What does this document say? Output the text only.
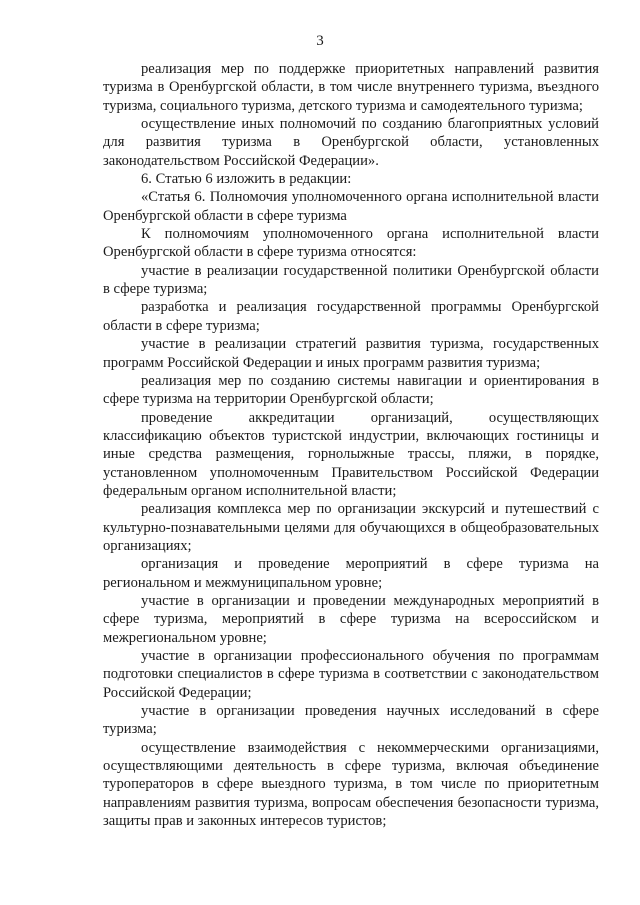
3

реализация мер по поддержке приоритетных направлений развития туризма в Оренбургской области, в том числе внутреннего туризма, въездного туризма, социального туризма, детского туризма и самодеятельного туризма;

осуществление иных полномочий по созданию благоприятных условий для развития туризма в Оренбургской области, установленных законодательством Российской Федерации».

6. Статью 6 изложить в редакции:

«Статья 6. Полномочия уполномоченного органа исполнительной власти Оренбургской области в сфере туризма

К полномочиям уполномоченного органа исполнительной власти Оренбургской области в сфере туризма относятся:

участие в реализации государственной политики Оренбургской области в сфере туризма;

разработка и реализация государственной программы Оренбургской области в сфере туризма;

участие в реализации стратегий развития туризма, государственных программ Российской Федерации и иных программ развития туризма;

реализация мер по созданию системы навигации и ориентирования в сфере туризма на территории Оренбургской области;

проведение аккредитации организаций, осуществляющих классификацию объектов туристской индустрии, включающих гостиницы и иные средства размещения, горнолыжные трассы, пляжи, в порядке, установленном уполномоченным Правительством Российской Федерации федеральным органом исполнительной власти;

реализация комплекса мер по организации экскурсий и путешествий с культурно-познавательными целями для обучающихся в общеобразовательных организациях;

организация и проведение мероприятий в сфере туризма на региональном и межмуниципальном уровне;

участие в организации и проведении международных мероприятий в сфере туризма, мероприятий в сфере туризма на всероссийском и межрегиональном уровне;

участие в организации профессионального обучения по программам подготовки специалистов в сфере туризма в соответствии с законодательством Российской Федерации;

участие в организации проведения научных исследований в сфере туризма;

осуществление взаимодействия с некоммерческими организациями, осуществляющими деятельность в сфере туризма, включая объединение туроператоров в сфере выездного туризма, в том числе по приоритетным направлениям развития туризма, вопросам обеспечения безопасности туризма, защиты прав и законных интересов туристов;
